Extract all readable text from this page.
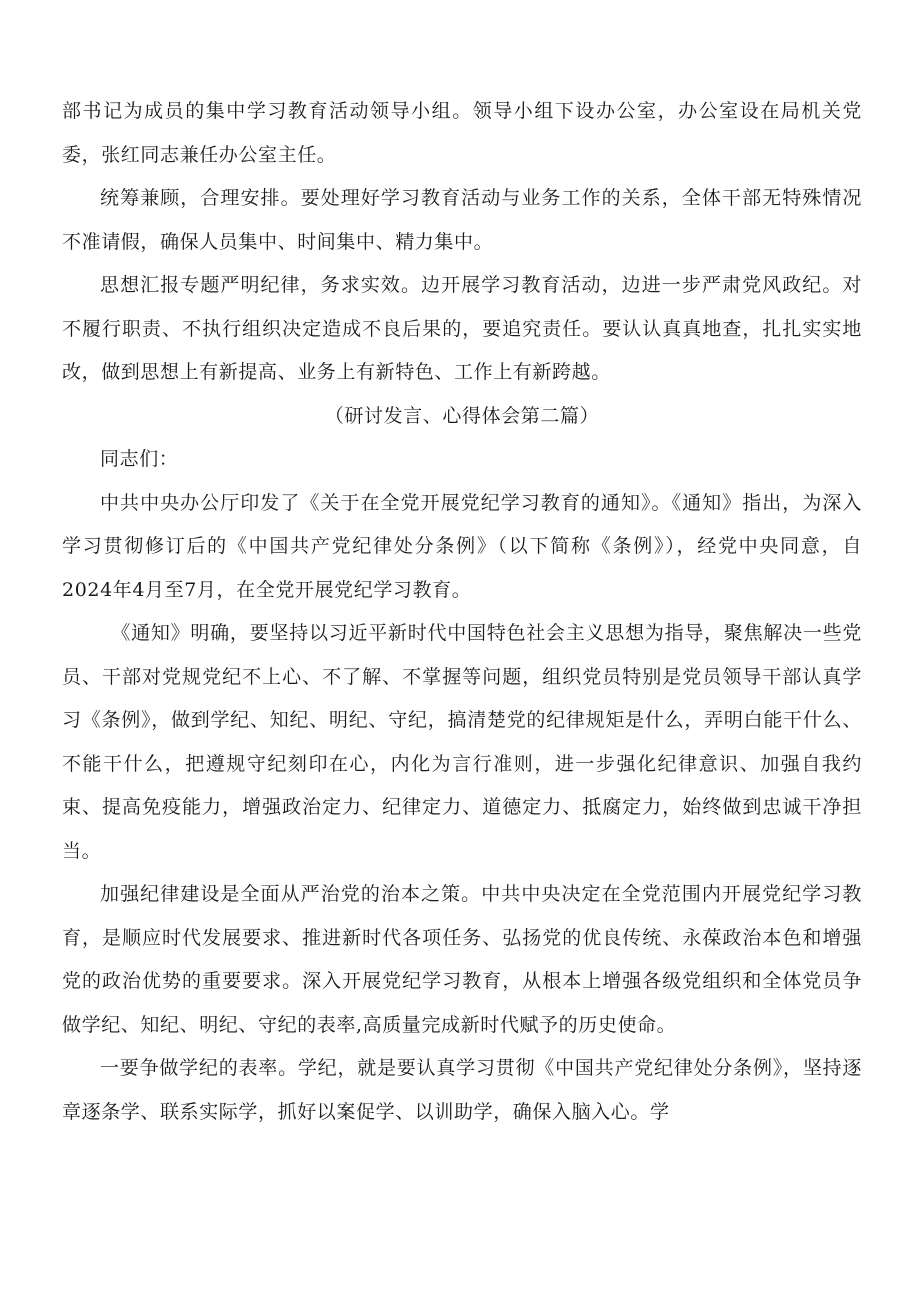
部书记为成员的集中学习教育活动领导小组。领导小组下设办公室，办公室设在局机关党委，张红同志兼任办公室主任。

统筹兼顾，合理安排。要处理好学习教育活动与业务工作的关系，全体干部无特殊情况不准请假，确保人员集中、时间集中、精力集中。

思想汇报专题严明纪律，务求实效。边开展学习教育活动，边进一步严肃党风政纪。对不履行职责、不执行组织决定造成不良后果的，要追究责任。要认认真真地查，扎扎实实地改，做到思想上有新提高、业务上有新特色、工作上有新跨越。

（研讨发言、心得体会第二篇）

同志们：

中共中央办公厅印发了《关于在全党开展党纪学习教育的通知》。《通知》指出，为深入学习贯彻修订后的《中国共产党纪律处分条例》（以下简称《条例》），经党中央同意，自2024年4月至7月，在全党开展党纪学习教育。

《通知》明确，要坚持以习近平新时代中国特色社会主义思想为指导，聚焦解决一些党员、干部对党规党纪不上心、不了解、不掌握等问题，组织党员特别是党员领导干部认真学习《条例》，做到学纪、知纪、明纪、守纪，搞清楚党的纪律规矩是什么，弄明白能干什么、不能干什么，把遵规守纪刻印在心，内化为言行准则，进一步强化纪律意识、加强自我约束、提高免疫能力，增强政治定力、纪律定力、道德定力、抵腐定力，始终做到忠诚干净担当。

加强纪律建设是全面从严治党的治本之策。中共中央决定在全党范围内开展党纪学习教育，是顺应时代发展要求、推进新时代各项任务、弘扬党的优良传统、永葆政治本色和增强党的政治优势的重要要求。深入开展党纪学习教育，从根本上增强各级党组织和全体党员争做学纪、知纪、明纪、守纪的表率,高质量完成新时代赋予的历史使命。

一要争做学纪的表率。学纪，就是要认真学习贯彻《中国共产党纪律处分条例》，坚持逐章逐条学、联系实际学，抓好以案促学、以训助学，确保入脑入心。学
